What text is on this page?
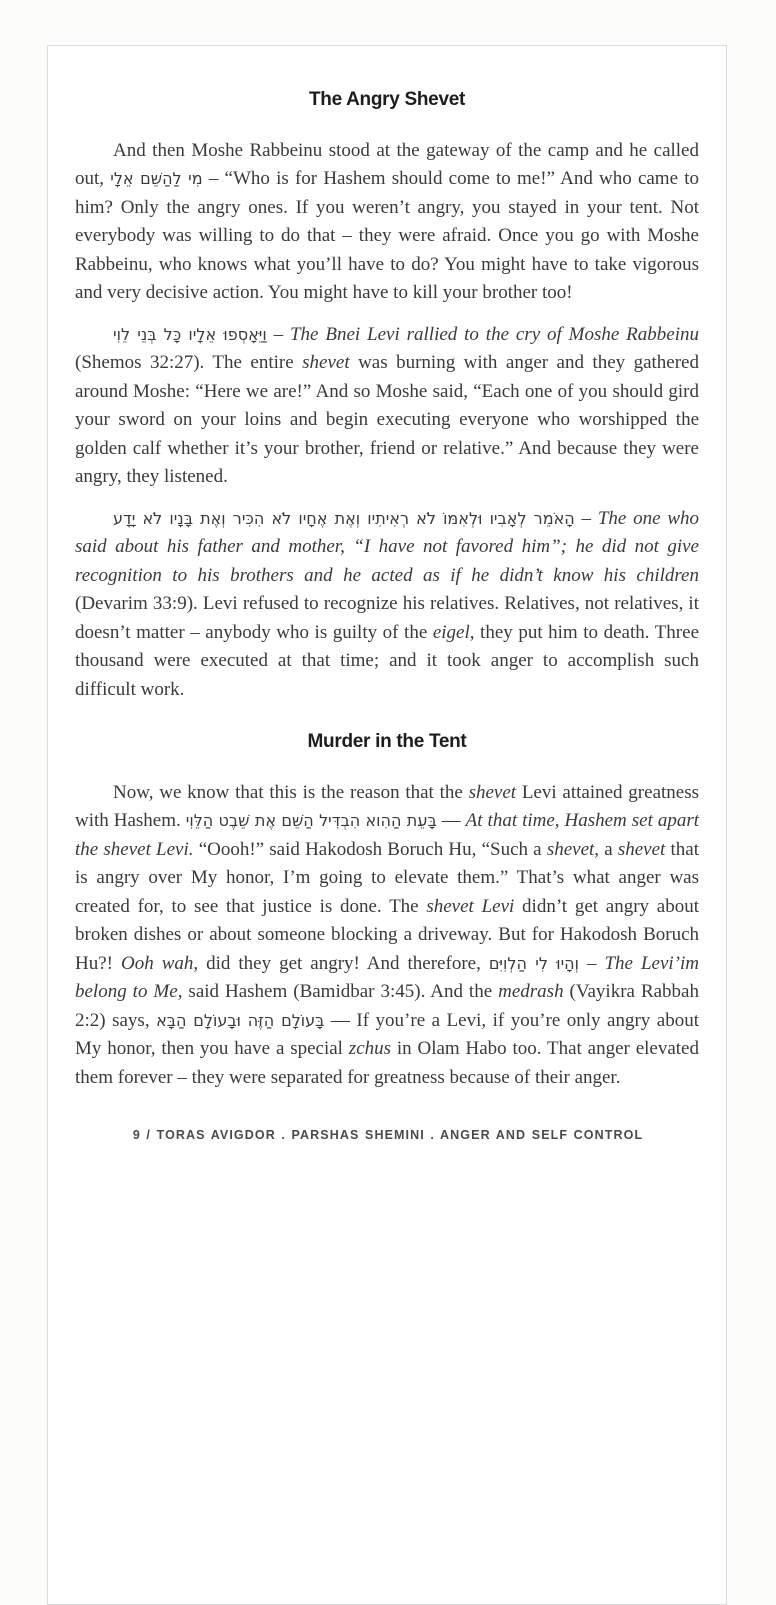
The Angry Shevet

And then Moshe Rabbeinu stood at the gateway of the camp and he called out, מִי לַהַשֵּׁם אֵלָי – “Who is for Hashem should come to me!” And who came to him? Only the angry ones. If you weren’t angry, you stayed in your tent. Not everybody was willing to do that – they were afraid. Once you go with Moshe Rabbeinu, who knows what you’ll have to do? You might have to take vigorous and very decisive action. You might have to kill your brother too!

וַיֵּאָסְפוּ אֵלָיו כָּל בְּנֵי לֵוִי – The Bnei Levi rallied to the cry of Moshe Rabbeinu (Shemos 32:27). The entire shevet was burning with anger and they gathered around Moshe: “Here we are!” And so Moshe said, “Each one of you should gird your sword on your loins and begin executing everyone who worshipped the golden calf whether it’s your brother, friend or relative.” And because they were angry, they listened.

הָאֹמֵר לְאָבִיו וּלְאִמּוֹ לֹא רְאִיתִיו וְאֶת אֶחָיו לֹא הִכִּיר וְאֶת בָּנָיו לֹא יָדָע – The one who said about his father and mother, “I have not favored him”; he did not give recognition to his brothers and he acted as if he didn’t know his children (Devarim 33:9). Levi refused to recognize his relatives. Relatives, not relatives, it doesn’t matter – anybody who is guilty of the eigel, they put him to death. Three thousand were executed at that time; and it took anger to accomplish such difficult work.

Murder in the Tent

Now, we know that this is the reason that the shevet Levi attained greatness with Hashem. בָּעֵת הַהִוא הִבְדִּיל הַשֵּׁם אֶת שֵׁבֶט הַלֵּוִי — At that time, Hashem set apart the shevet Levi. “Oooh!” said Hakodosh Boruch Hu, “Such a shevet, a shevet that is angry over My honor, I’m going to elevate them.” That’s what anger was created for, to see that justice is done. The shevet Levi didn’t get angry about broken dishes or about someone blocking a driveway. But for Hakodosh Boruch Hu?! Ooh wah, did they get angry! And therefore, וְהָיוּ לִי הַלְוִיִּם – The Levi’im belong to Me, said Hashem (Bamidbar 3:45). And the medrash (Vayikra Rabbah 2:2) says, בָּעוֹלָם הַזֶּה וּבָעוֹלָם הַבָּא — If you’re a Levi, if you’re only angry about My honor, then you have a special zchus in Olam Habo too. That anger elevated them forever – they were separated for greatness because of their anger.

9 / TORAS AVIGDOR . PARSHAS SHEMINI . ANGER AND SELF CONTROL
